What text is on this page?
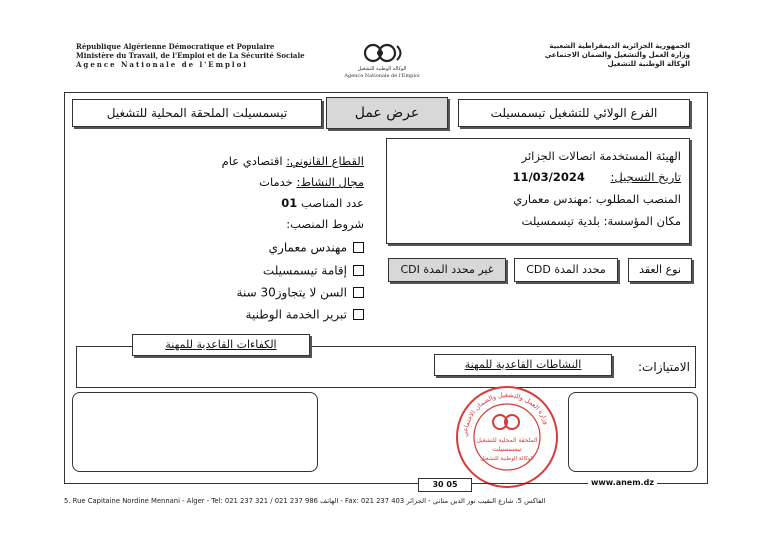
République Algérienne Démocratique et Populaire
Ministère du Travail, de l'Emploi et de La Sécurité Sociale
Agence Nationale de l'Emploi	الوكالة الوطنية للتشغيل
Agence Nationale de l'Emploi
الجمهورية الجزائرية الديمقراطية الشعبية
وزارة العمل والتشغيل والضمان الاجتماعي
الوكالة الوطنية للتشغيل
الفرع الولائي للتشغيل تيسمسيلت
عرض عمل
تيسمسيلت الملحقة المحلية للتشغيل
الهيئة المستخدمة اتصالات الجزائر
تاريخ التسجيل: 11/03/2024
المنصب المطلوب :مهندس معماري
مكان المؤسسة: بلدية تيسمسيلت
القطاع القانوني: اقتصادي عام
مجال النشاط: خدمات
عدد المناصب 01
شروط المنصب:
مهندس معماري
إقامة تيسمسيلت
السن لا يتجاوز30 سنة
تبرير الخدمة الوطنية
نوع العقد
محدد المدة CDD
غير محدد المدة CDI
الكفاءات القاعدية للمهنة
النشاطات القاعدية للمهنة	الامتيازات:
وزارة العمل والتشغيل والضمان الاجتماعي
الملحقة المحلية للتشغيل
تيسمسيلت
الوكالة الوطنية للتشغيل
30 05	www.anem.dz
5. Rue Capitaine Nordine Mennani - Alger - Tel: 021 237 321 / 021 237 986 الهاتف - Fax: 021 237 403	الفاكس 5. شارع النقيب نور الدين مناني - الجزائر
